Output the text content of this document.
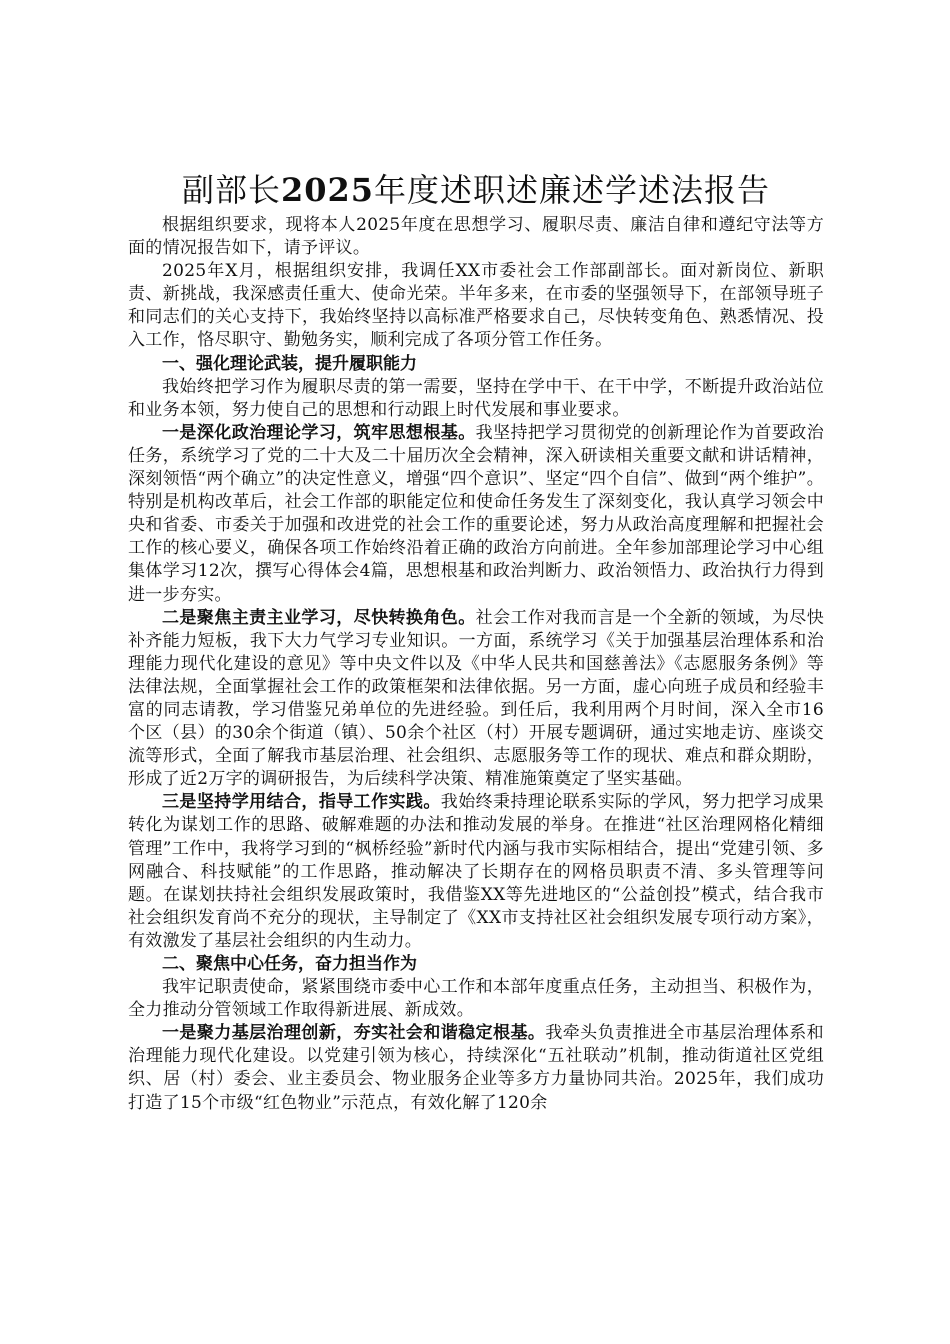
副部长2025年度述职述廉述学述法报告

根据组织要求，现将本人2025年度在思想学习、履职尽责、廉洁自律和遵纪守法等方面的情况报告如下，请予评议。

2025年X月，根据组织安排，我调任XX市委社会工作部副部长。面对新岗位、新职责、新挑战，我深感责任重大、使命光荣。半年多来，在市委的坚强领导下，在部领导班子和同志们的关心支持下，我始终坚持以高标准严格要求自己，尽快转变角色、熟悉情况、投入工作，恪尽职守、勤勉务实，顺利完成了各项分管工作任务。

一、强化理论武装，提升履职能力

我始终把学习作为履职尽责的第一需要，坚持在学中干、在干中学，不断提升政治站位和业务本领，努力使自己的思想和行动跟上时代发展和事业要求。

一是深化政治理论学习，筑牢思想根基。我坚持把学习贯彻党的创新理论作为首要政治任务，系统学习了党的二十大及二十届历次全会精神，深入研读相关重要文献和讲话精神，深刻领悟“两个确立”的决定性意义，增强“四个意识”、坚定“四个自信”、做到“两个维护”。特别是机构改革后，社会工作部的职能定位和使命任务发生了深刻变化，我认真学习领会中央和省委、市委关于加强和改进党的社会工作的重要论述，努力从政治高度理解和把握社会工作的核心要义，确保各项工作始终沿着正确的政治方向前进。全年参加部理论学习中心组集体学习12次，撰写心得体会4篇，思想根基和政治判断力、政治领悟力、政治执行力得到进一步夯实。

二是聚焦主责主业学习，尽快转换角色。社会工作对我而言是一个全新的领域，为尽快补齐能力短板，我下大力气学习专业知识。一方面，系统学习《关于加强基层治理体系和治理能力现代化建设的意见》等中央文件以及《中华人民共和国慈善法》《志愿服务条例》等法律法规，全面掌握社会工作的政策框架和法律依据。另一方面，虚心向班子成员和经验丰富的同志请教，学习借鉴兄弟单位的先进经验。到任后，我利用两个月时间，深入全市16个区（县）的30余个街道（镇）、50余个社区（村）开展专题调研，通过实地走访、座谈交流等形式，全面了解我市基层治理、社会组织、志愿服务等工作的现状、难点和群众期盼，形成了近2万字的调研报告，为后续科学决策、精准施策奠定了坚实基础。

三是坚持学用结合，指导工作实践。我始终秉持理论联系实际的学风，努力把学习成果转化为谋划工作的思路、破解难题的办法和推动发展的举身。在推进“社区治理网格化精细管理”工作中，我将学习到的“枫桥经验”新时代内涵与我市实际相结合，提出“党建引领、多网融合、科技赋能”的工作思路，推动解决了长期存在的网格员职责不清、多头管理等问题。在谋划扶持社会组织发展政策时，我借鉴XX等先进地区的“公益创投”模式，结合我市社会组织发育尚不充分的现状，主导制定了《XX市支持社区社会组织发展专项行动方案》，有效激发了基层社会组织的内生动力。

二、聚焦中心任务，奋力担当作为

我牢记职责使命，紧紧围绕市委中心工作和本部年度重点任务，主动担当、积极作为，全力推动分管领域工作取得新进展、新成效。

一是聚力基层治理创新，夯实社会和谐稳定根基。我牵头负责推进全市基层治理体系和治理能力现代化建设。以党建引领为核心，持续深化“五社联动”机制，推动街道社区党组织、居（村）委会、业主委员会、物业服务企业等多方力量协同共治。2025年，我们成功打造了15个市级“红色物业”示范点，有效化解了120余
